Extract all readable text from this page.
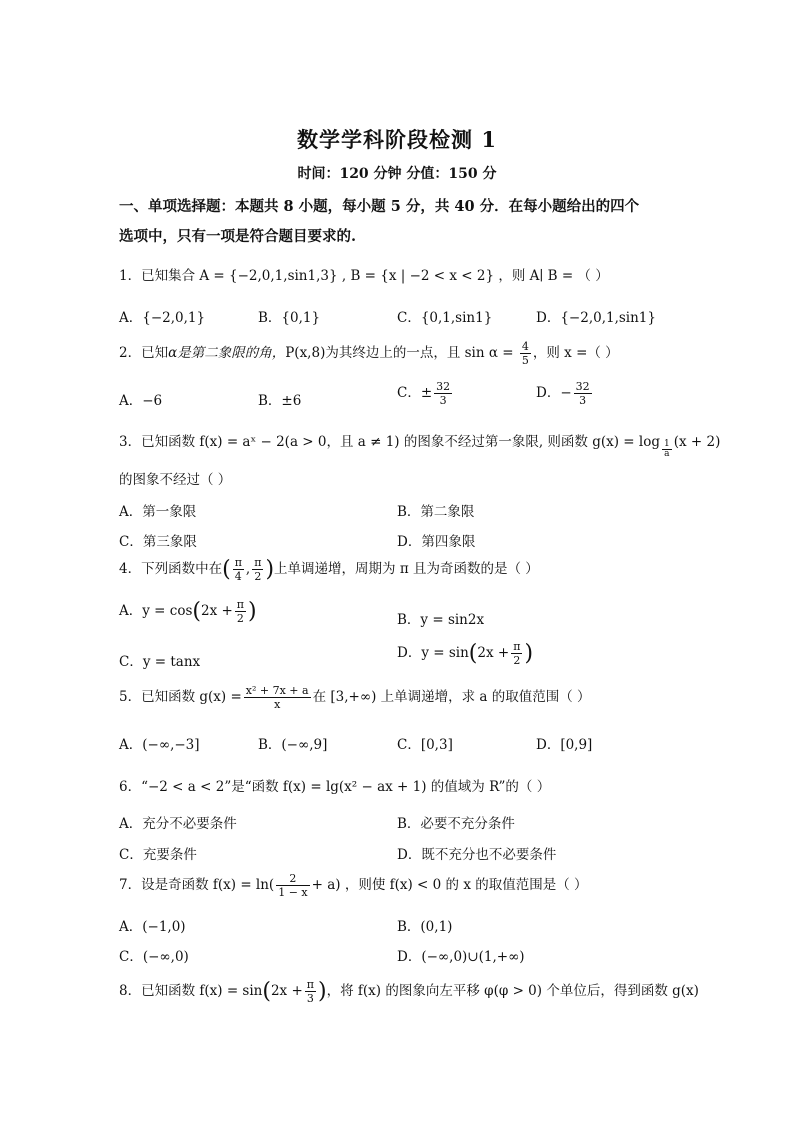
数学学科阶段检测 1
时间：120 分钟 分值：150 分
一、单项选择题：本题共 8 小题，每小题 5 分，共 40 分．在每小题给出的四个
选项中，只有一项是符合题目要求的.
1．已知集合 A = {−2,0,1,sin1,3} , B = {x | −2 < x < 2} ，则 A∣ B = （ ）
A．{−2,0,1}	B．{0,1}	C．{0,1,sin1}	D．{−2,0,1,sin1}
2．已知α是第二象限的角，P(x,8)为其终边上的一点，且 $\sin \alpha = \frac{4}{5}$ ，则 x =（ ）
A．−6	B．±6	C．± $\frac{32}{3}$	D．− $\frac{32}{3}$
3．已知函数 f(x) = aˣ − 2(a > 0，且 a ≠ 1) 的图象不经过第一象限, 则函数 $g(x) = \log \frac{1}{a} (x + 2)$
的图象不经过（ ）
A．第一象限	B．第二象限
C．第三象限	D．第四象限
4．下列函数中在( $\frac{\pi}{4}$ , $\frac{\pi}{2}$ )上单调递增，周期为 π 且为奇函数的是（ ）
A．$y = \cos(2x + \frac{\pi}{2}$ )	B．y = sin2x
C．y = tanx
D．$y = \sin(2x + \frac{\pi}{2}$ )
5．已知函数 $g(x) = \frac{\text{x² + 7x + a}}{x}$ 在 [3,+∞) 上单调递增，求 a 的取值范围（ ）
A．(−∞,−3]	B．(−∞,9]	C．[0,3]	D．[0,9]
6．“−2 < a < 2”是“函数 f(x) = lg(x² − ax + 1) 的值域为 R”的（ ）
A．充分不必要条件	B．必要不充分条件
C．充要条件	D．既不充分也不必要条件
7．设是奇函数 $f(x) = \ln( \frac{2}{1 - x} + a)$ ，则使 f(x) < 0 的 x 的取值范围是（ ）
A．(−1,0)	B．(0,1)
C．(−∞,0)	D．(−∞,0)∪(1,+∞)
8．已知函数 $f(x) = \sin(2x + \frac{\pi}{3}$ )，将 f(x) 的图象向左平移 φ(φ > 0) 个单位后，得到函数 g(x)
